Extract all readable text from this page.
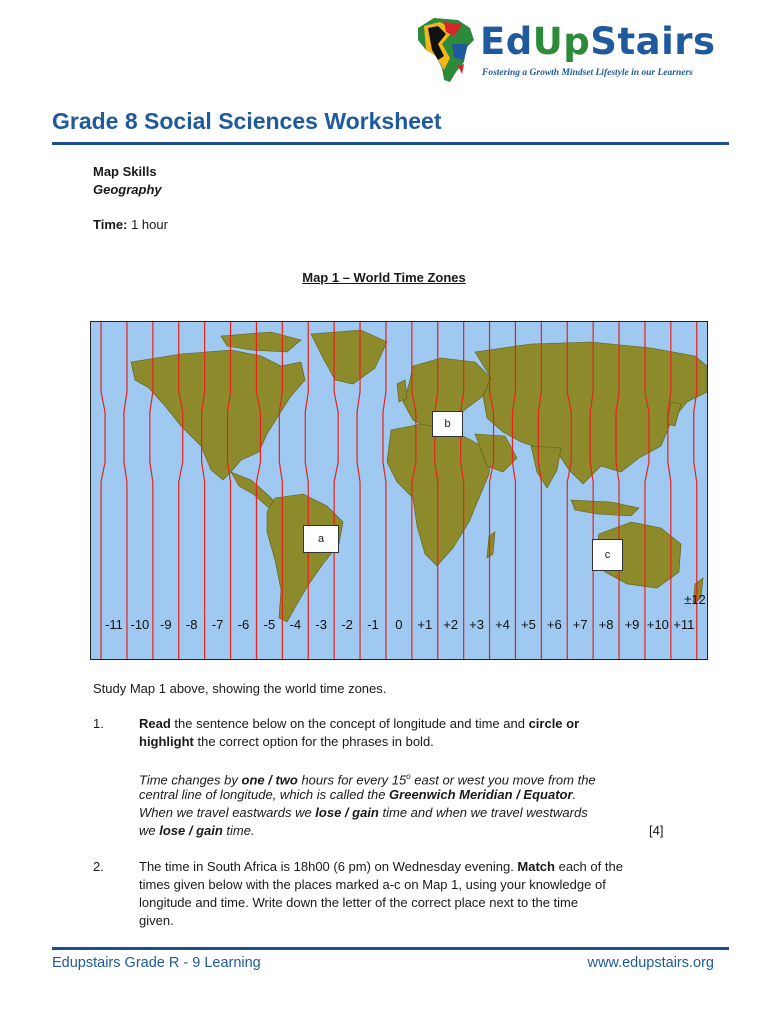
EdUpStairs
Fostering a Growth Mindset Lifestyle in our Learners
Grade 8 Social Sciences Worksheet
Map Skills
Geography
Time: 1 hour
Map 1 – World Time Zones
-11 -10 -9 -8 -7 -6 -5 -4 -3 -2 -1 0 +1 +2 +3 +4 +5 +6 +7 +8 +9 +10 +11
±12
a
b
c
Study Map 1 above, showing the world time zones.
1.	Read the sentence below on the concept of longitude and time and circle or
highlight the correct option for the phrases in bold.
Time changes by one / two hours for every 15$^o$ east or west you move from the
central line of longitude, which is called the Greenwich Meridian / Equator.
When we travel eastwards we lose / gain time and when we travel westwards
we lose / gain time.	[4]
2.	The time in South Africa is 18h00 (6 pm) on Wednesday evening. Match each of the
times given below with the places marked a-c on Map 1, using your knowledge of
longitude and time. Write down the letter of the correct place next to the time
given.
Edupstairs Grade R - 9 Learning	www.edupstairs.org
